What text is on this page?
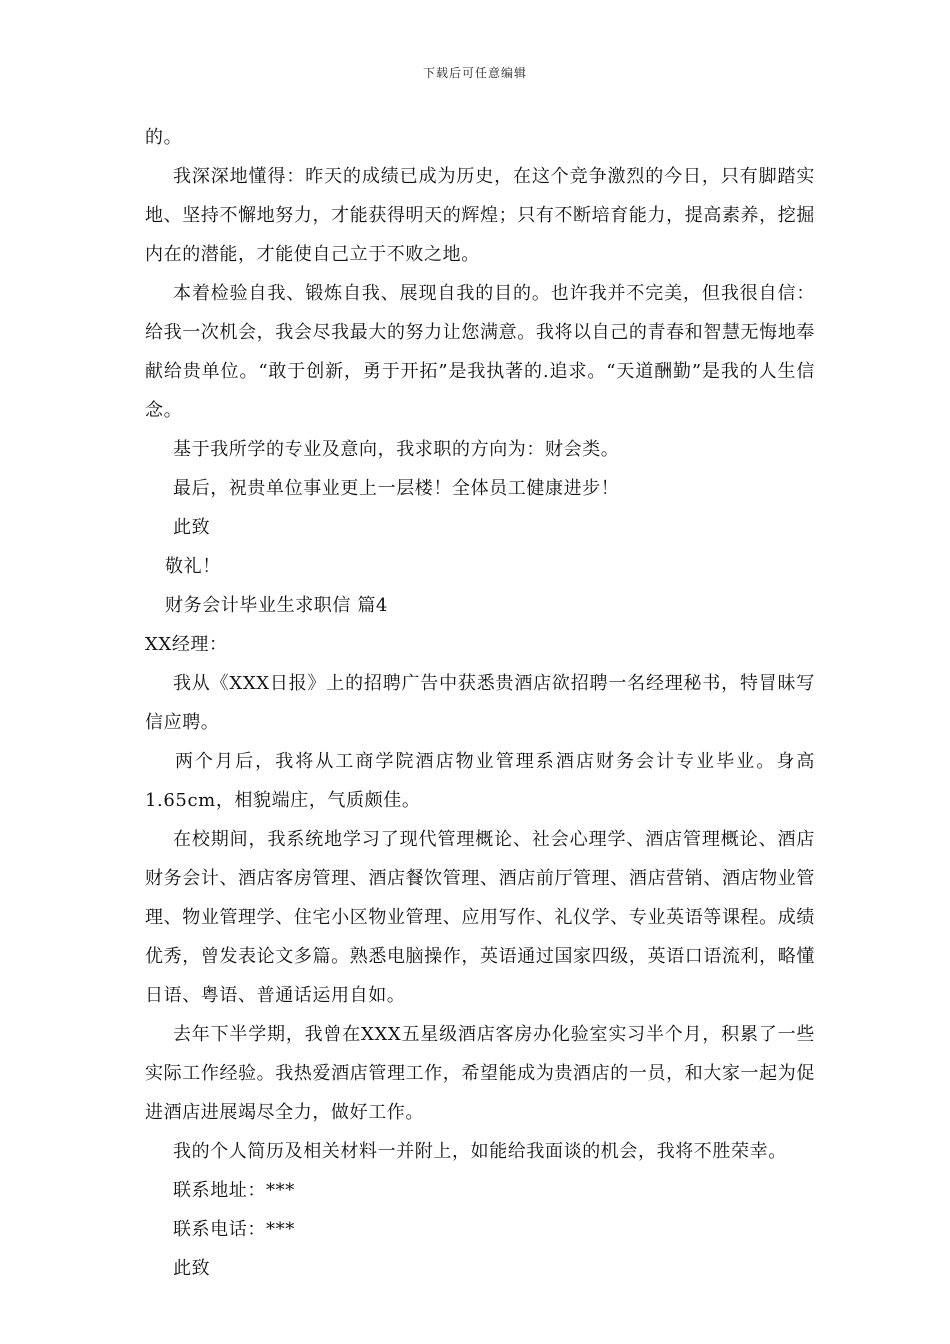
下载后可任意编辑

的。

我深深地懂得：昨天的成绩已成为历史，在这个竞争激烈的今日，只有脚踏实地、坚持不懈地努力，才能获得明天的辉煌；只有不断培育能力，提高素养，挖掘内在的潜能，才能使自己立于不败之地。

本着检验自我、锻炼自我、展现自我的目的。也许我并不完美，但我很自信：给我一次机会，我会尽我最大的努力让您满意。我将以自己的青春和智慧无悔地奉献给贵单位。“敢于创新，勇于开拓”是我执著的.追求。“天道酬勤”是我的人生信念。

基于我所学的专业及意向，我求职的方向为：财会类。

最后，祝贵单位事业更上一层楼！全体员工健康进步！

此致

敬礼！

财务会计毕业生求职信 篇4

XX经理：

我从《XXX日报》上的招聘广告中获悉贵酒店欲招聘一名经理秘书，特冒昧写信应聘。

两个月后，我将从工商学院酒店物业管理系酒店财务会计专业毕业。身高1.65cm，相貌端庄，气质颇佳。

在校期间，我系统地学习了现代管理概论、社会心理学、酒店管理概论、酒店财务会计、酒店客房管理、酒店餐饮管理、酒店前厅管理、酒店营销、酒店物业管理、物业管理学、住宅小区物业管理、应用写作、礼仪学、专业英语等课程。成绩优秀，曾发表论文多篇。熟悉电脑操作，英语通过国家四级，英语口语流利，略懂日语、粤语、普通话运用自如。

去年下半学期，我曾在XXX五星级酒店客房办化验室实习半个月，积累了一些实际工作经验。我热爱酒店管理工作，希望能成为贵酒店的一员，和大家一起为促进酒店进展竭尽全力，做好工作。

我的个人简历及相关材料一并附上，如能给我面谈的机会，我将不胜荣幸。

联系地址：***

联系电话：***

此致
